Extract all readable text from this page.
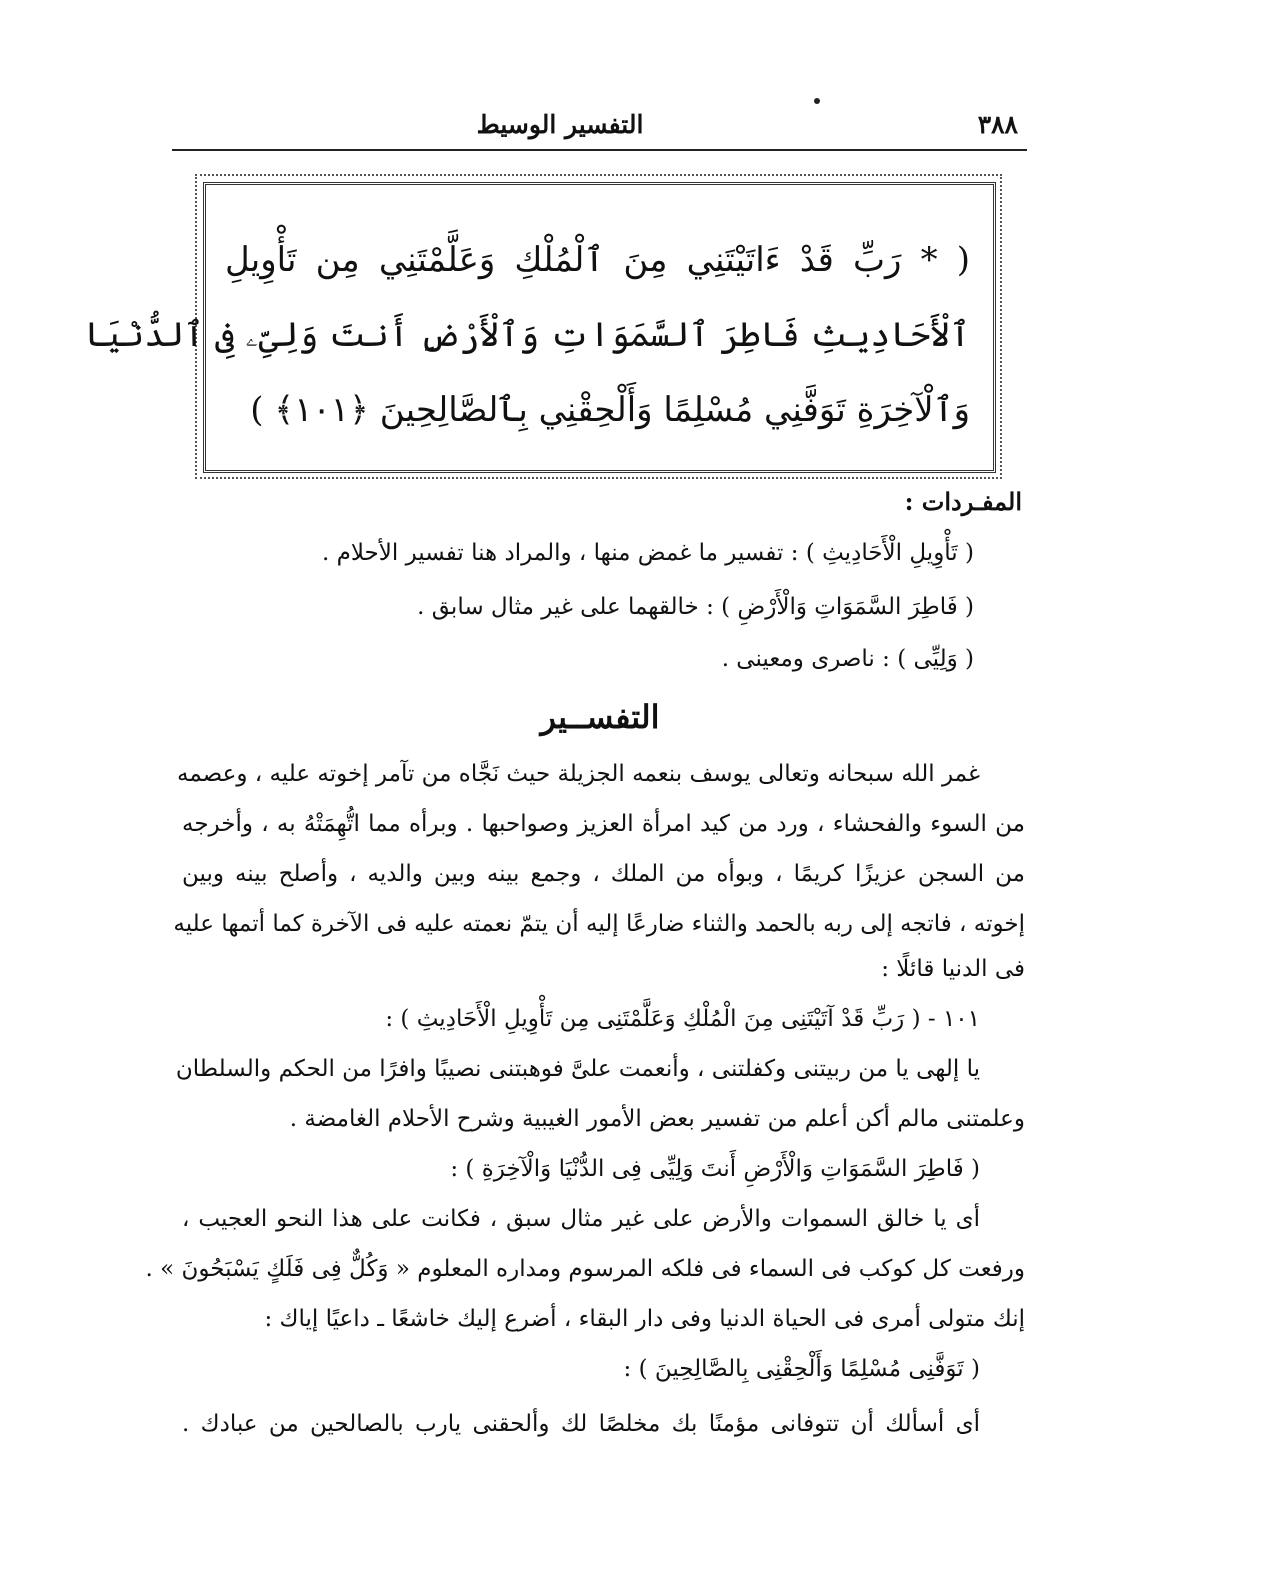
٣٨٨
التفسير الوسيط
( * رَبِّ قَدْ ءَاتَيْتَنِي مِنَ ٱلْمُلْكِ وَعَلَّمْتَنِي مِن تَأْوِيلِ
ٱلْأَحَادِيثِ فَاطِرَ ٱلسَّمَوَاتِ وَٱلْأَرْضِ أَنتَ وَلِىِّۦ فِى ٱلدُّنْيَا
وَٱلْآخِرَةِ تَوَفَّنِي مُسْلِمًا وَأَلْحِقْنِي بِٱلصَّالِحِينَ ﴿١٠١﴾ )
المفـردات :
( تَأْوِيلِ الْأَحَادِيثِ ) : تفسير ما غمض منها ، والمراد هنا تفسير الأحلام .
( فَاطِرَ السَّمَوَاتِ وَالْأَرْضِ ) : خالقهما على غير مثال سابق .
( وَلِيِّى ) : ناصرى ومعينى .
التفســير
غمر الله سبحانه وتعالى يوسف بنعمه الجزيلة حيث نَجَّاه من تآمر إخوته عليه ، وعصمه
من السوء والفحشاء ، ورد من كيد امرأة العزيز وصواحبها . وبرأه مما اتُّهِمَتْهُ به ، وأخرجه
من السجن عزيزًا كريمًا ، وبوأه من الملك ، وجمع بينه وبين والديه ، وأصلح بينه وبين
إخوته ، فاتجه إلى ربه بالحمد والثناء ضارعًا إليه أن يتمّ نعمته عليه فى الآخرة كما أتمها عليه
فى الدنيا قائلًا :
١٠١ - ( رَبِّ قَدْ آتَيْتَنِى مِنَ الْمُلْكِ وَعَلَّمْتَنِى مِن تَأْوِيلِ الْأَحَادِيثِ ) :
يا إلهى يا من ربيتنى وكفلتنى ، وأنعمت علىَّ فوهبتنى نصيبًا وافرًا من الحكم والسلطان
وعلمتنى مالم أكن أعلم من تفسير بعض الأمور الغيبية وشرح الأحلام الغامضة .
( فَاطِرَ السَّمَوَاتِ وَالْأَرْضِ أَنتَ وَلِيِّى فِى الدُّنْيَا وَالْآخِرَةِ ) :
أى يا خالق السموات والأرض على غير مثال سبق ، فكانت على هذا النحو العجيب ،
ورفعت كل كوكب فى السماء فى فلكه المرسوم ومداره المعلوم « وَكُلٌّ فِى فَلَكٍ يَسْبَحُونَ » .
إنك متولى أمرى فى الحياة الدنيا وفى دار البقاء ، أضرع إليك خاشعًا ـ داعيًا إياك :
( تَوَفَّنِى مُسْلِمًا وَأَلْحِقْنِى بِالصَّالِحِينَ ) :
أى أسألك أن تتوفانى مؤمنًا بك مخلصًا لك وألحقنى يارب بالصالحين من عبادك .
